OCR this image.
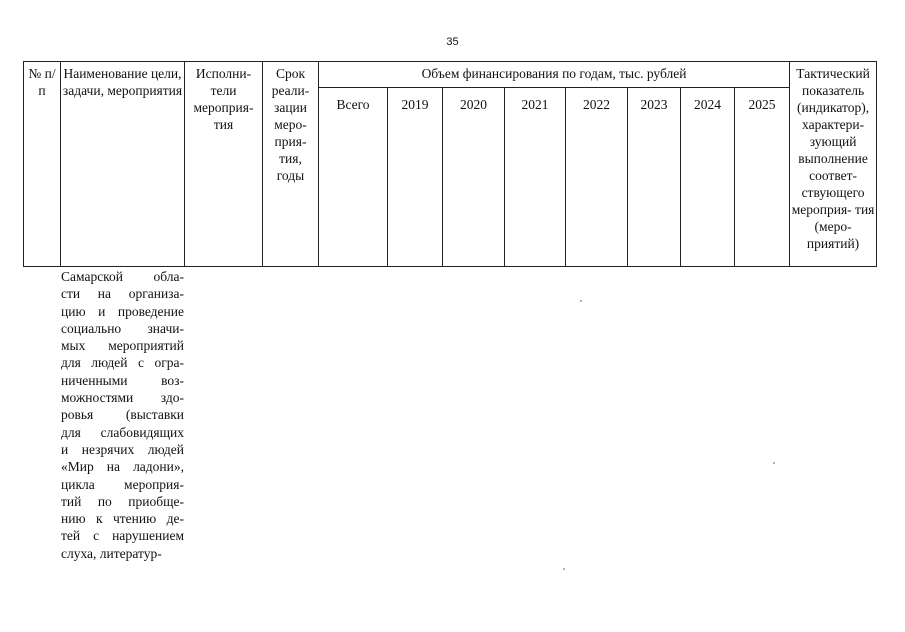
35
№ п/п	Наименование цели, задачи, мероприятия	Исполни- тели мероприя- тия	Срок реали- зации меро- прия- тия, годы	Объем финансирования по годам, тыс. рублей								Тактический показатель (индикатор), характери- зующий выполнение соответ- ствующего мероприя- тия (меро- приятий)
				Всего	2019	2020	2021	2022	2023	2024	2025	
Самарской обла-
сти на организа-
цию и проведение
социально значи-
мых мероприятий
для людей с огра-
ниченными воз-
можностями здо-
ровья (выставки
для слабовидящих
и незрячих людей
«Мир на ладони»,
цикла мероприя-
тий по приобще-
нию к чтению де-
тей с нарушением
слуха, литератур-
